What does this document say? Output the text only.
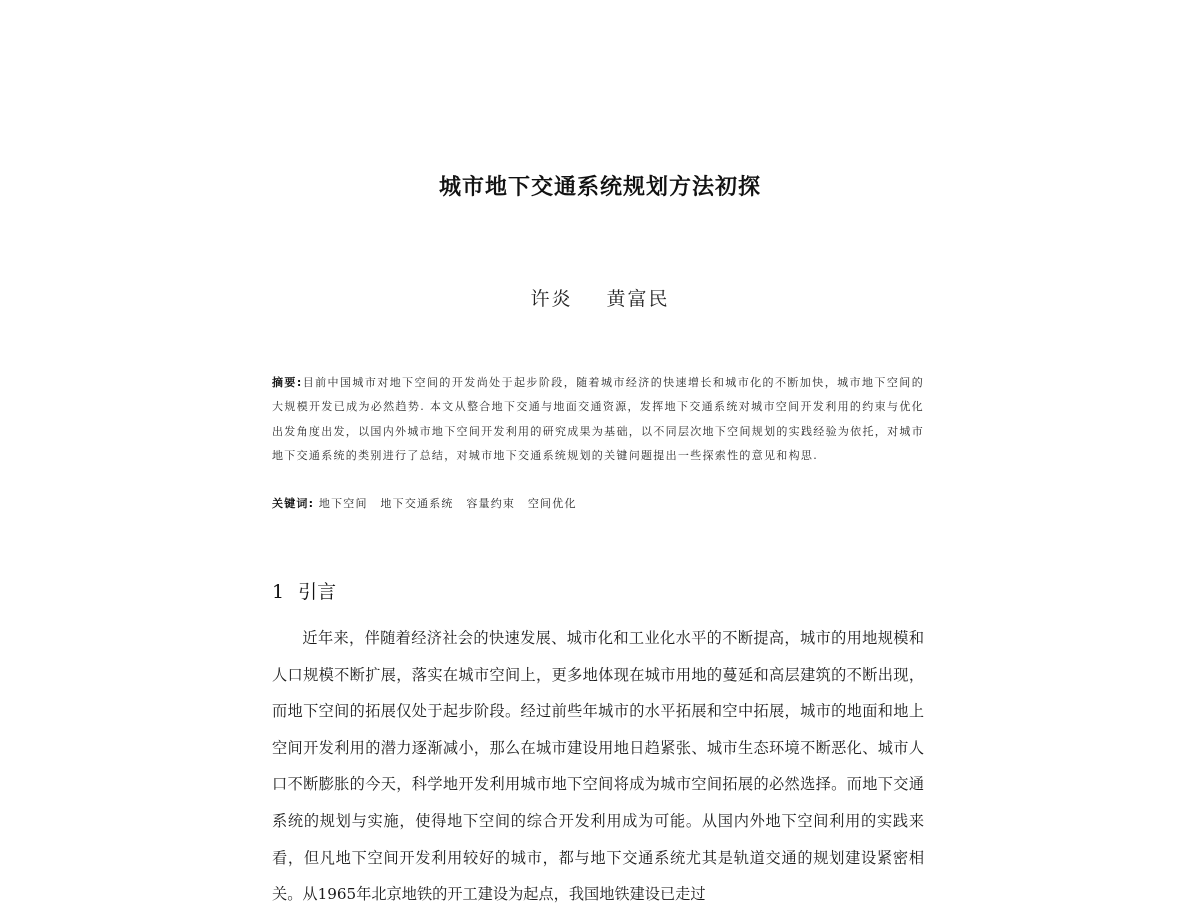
城市地下交通系统规划方法初探
许炎 黄富民
摘要:目前中国城市对地下空间的开发尚处于起步阶段，随着城市经济的快速增长和城市化的不断加快，城市地下空间的大规模开发已成为必然趋势. 本文从整合地下交通与地面交通资源，发挥地下交通系统对城市空间开发利用的约束与优化出发角度出发，以国内外城市地下空间开发利用的研究成果为基础，以不同层次地下空间规划的实践经验为依托，对城市地下交通系统的类别进行了总结，对城市地下交通系统规划的关键问题提出一些探索性的意见和构思.
关键词: 地下空间 地下交通系统 容量约束 空间优化
1 引言
近年来，伴随着经济社会的快速发展、城市化和工业化水平的不断提高，城市的用地规模和人口规模不断扩展，落实在城市空间上，更多地体现在城市用地的蔓延和高层建筑的不断出现，而地下空间的拓展仅处于起步阶段。经过前些年城市的水平拓展和空中拓展，城市的地面和地上空间开发利用的潜力逐渐减小，那么在城市建设用地日趋紧张、城市生态环境不断恶化、城市人口不断膨胀的今天，科学地开发利用城市地下空间将成为城市空间拓展的必然选择。而地下交通系统的规划与实施，使得地下空间的综合开发利用成为可能。从国内外地下空间利用的实践来看，但凡地下空间开发利用较好的城市，都与地下交通系统尤其是轨道交通的规划建设紧密相关。从1965年北京地铁的开工建设为起点，我国地铁建设已走过
